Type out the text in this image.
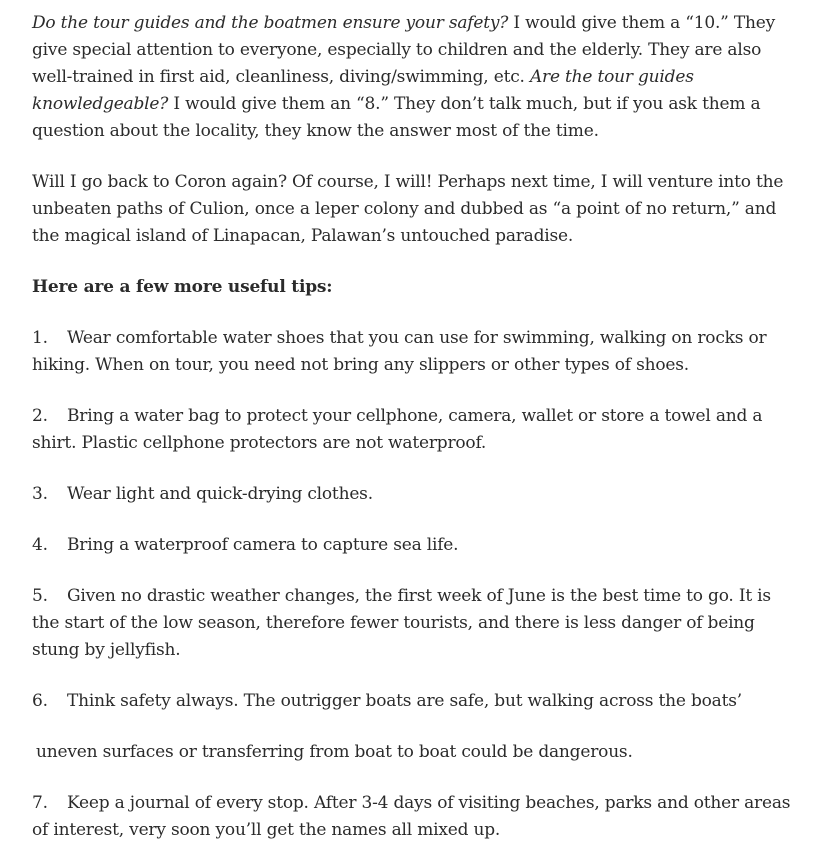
Do the tour guides and the boatmen ensure your safety? I would give them a “10.” They give special attention to everyone, especially to children and the elderly. They are also well-trained in first aid, cleanliness, diving/swimming, etc. Are the tour guides knowledgeable? I would give them an “8.” They don’t talk much, but if you ask them a question about the locality, they know the answer most of the time.

Will I go back to Coron again? Of course, I will! Perhaps next time, I will venture into the unbeaten paths of Culion, once a leper colony and dubbed as “a point of no return,” and the magical island of Linapacan, Palawan’s untouched paradise.

Here are a few more useful tips:

1. Wear comfortable water shoes that you can use for swimming, walking on rocks or hiking. When on tour, you need not bring any slippers or other types of shoes.

2. Bring a water bag to protect your cellphone, camera, wallet or store a towel and a shirt. Plastic cellphone protectors are not waterproof.

3. Wear light and quick-drying clothes.

4. Bring a waterproof camera to capture sea life.

5. Given no drastic weather changes, the first week of June is the best time to go. It is the start of the low season, therefore fewer tourists, and there is less danger of being stung by jellyfish.

6. Think safety always. The outrigger boats are safe, but walking across the boats’

uneven surfaces or transferring from boat to boat could be dangerous.

7. Keep a journal of every stop. After 3-4 days of visiting beaches, parks and other areas of interest, very soon you’ll get the names all mixed up.
